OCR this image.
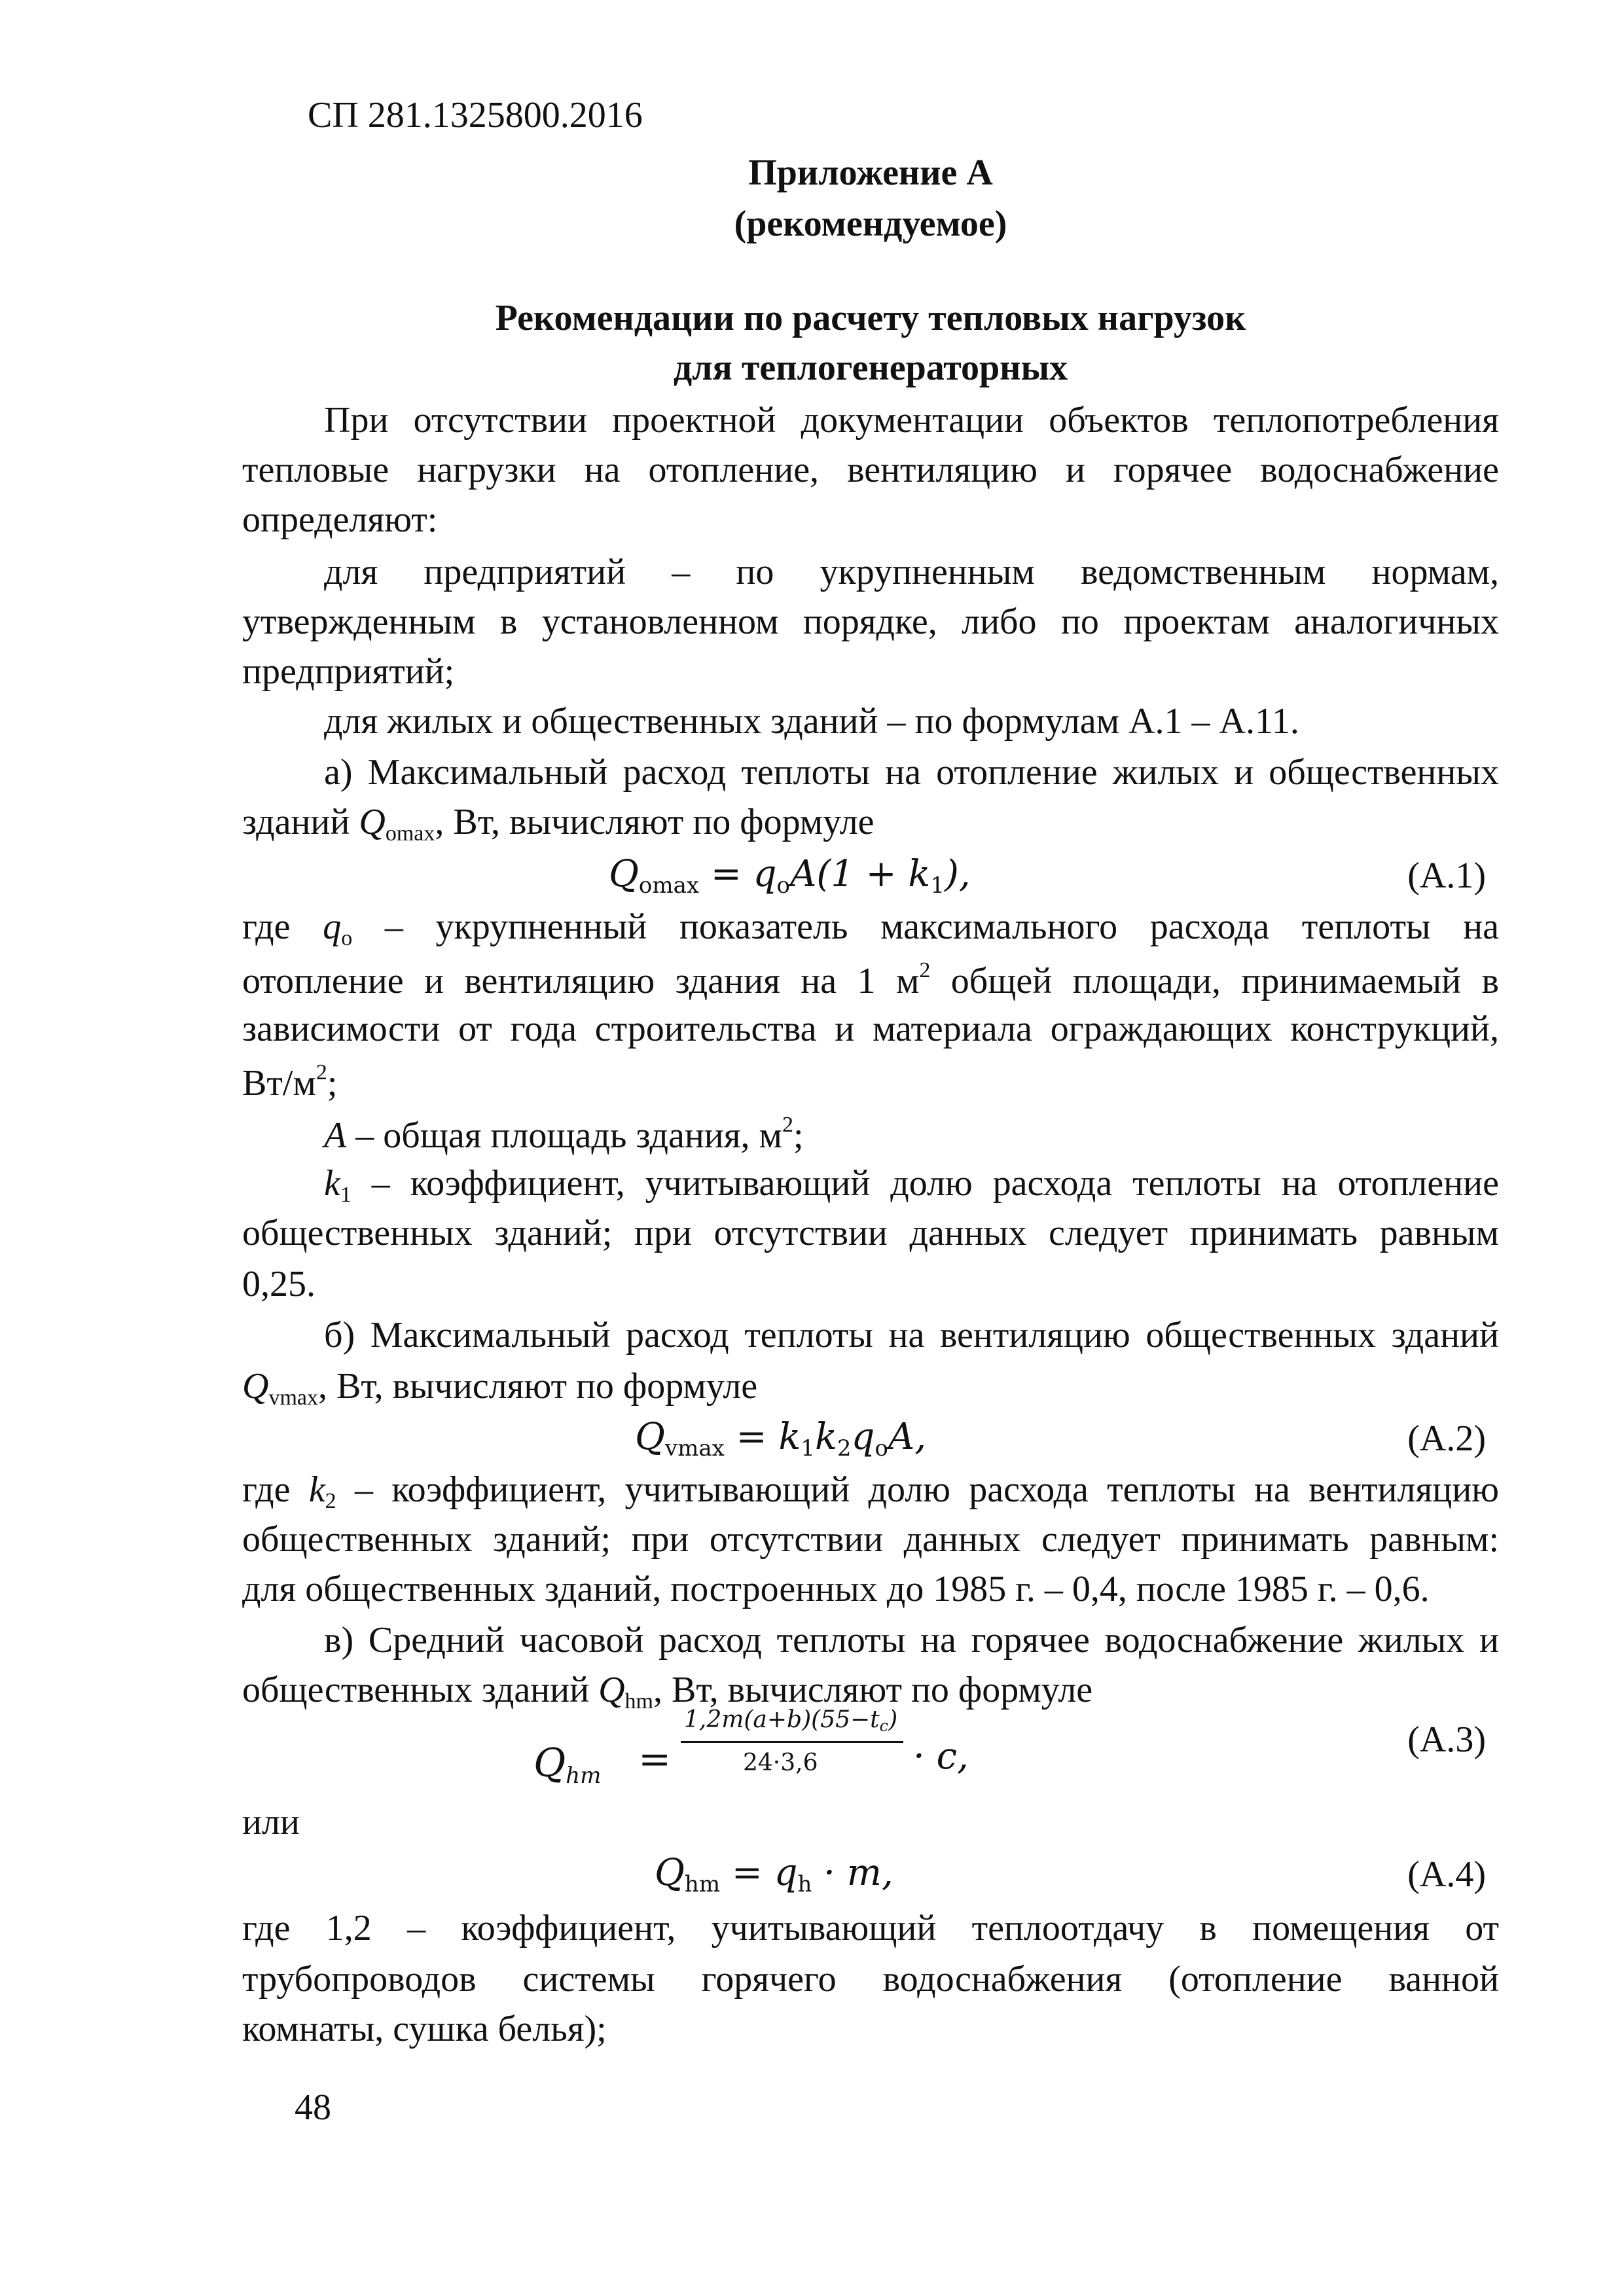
СП 281.1325800.2016
Приложение А
(рекомендуемое)
Рекомендации по расчету тепловых нагрузок
для теплогенераторных
При отсутствии проектной документации объектов теплопотребления
тепловые нагрузки на отопление, вентиляцию и горячее водоснабжение
определяют:
для предприятий – по укрупненным ведомственным нормам,
утвержденным в установленном порядке, либо по проектам аналогичных
предприятий;
для жилых и общественных зданий – по формулам А.1 – А.11.
а) Максимальный расход теплоты на отопление жилых и общественных
зданий $Q_{omax}$, Вт, вычисляют по формуле
$Q_{omax} = q_oA(1 + k_1)$,	(А.1)
где $q_o$ – укрупненный показатель максимального расхода теплоты на
отопление и вентиляцию здания на 1 $м^2$ общей площади, принимаемый в
зависимости от года строительства и материала ограждающих конструкций,
$Вт/м^2$;
A – общая площадь здания, $м^2$;
$k_1$ – коэффициент, учитывающий долю расхода теплоты на отопление
общественных зданий; при отсутствии данных следует принимать равным
0,25.
б) Максимальный расход теплоты на вентиляцию общественных зданий
$Q_{vmax}$, Вт, вычисляют по формуле
$Q_{vmax} = k_1k_2q_oA$,	(А.2)
где $k_2$ – коэффициент, учитывающий долю расхода теплоты на вентиляцию
общественных зданий; при отсутствии данных следует принимать равным:
для общественных зданий, построенных до 1985 г. – 0,4, после 1985 г. – 0,6.
в) Средний часовой расход теплоты на горячее водоснабжение жилых и
общественных зданий $Q_{hm}$, Вт, вычисляют по формуле
$Q_{hm}$ =
1,2m(a+b)(55−tc)
24·3,6	· c,	(А.3)
или
$Q_{hm} = q_h \cdot m$,	(А.4)
где 1,2 – коэффициент, учитывающий теплоотдачу в помещения от
трубопроводов системы горячего водоснабжения (отопление ванной
комнаты, сушка белья);
48
